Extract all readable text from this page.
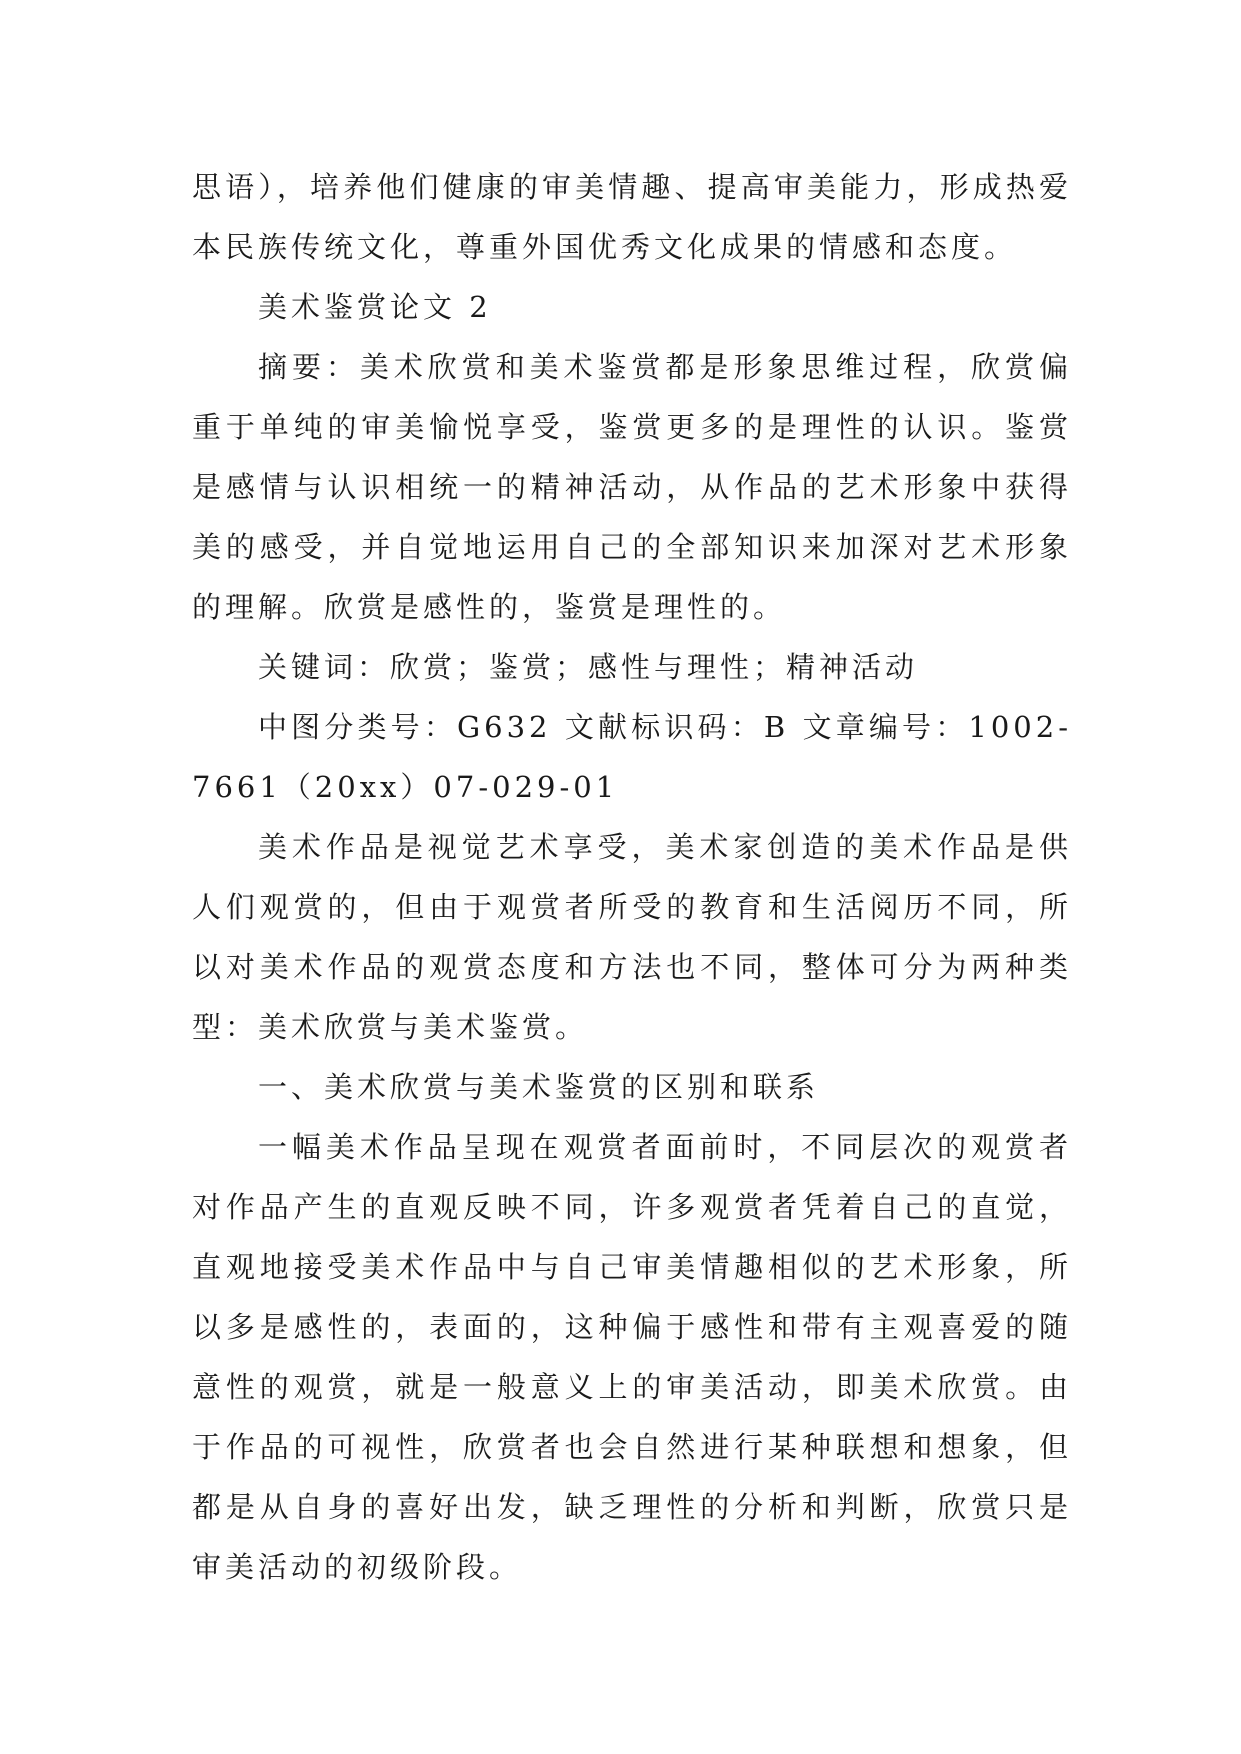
思语），培养他们健康的审美情趣、提高审美能力，形成热爱本民族传统文化，尊重外国优秀文化成果的情感和态度。

美术鉴赏论文 2

摘要：美术欣赏和美术鉴赏都是形象思维过程，欣赏偏重于单纯的审美愉悦享受，鉴赏更多的是理性的认识。鉴赏是感情与认识相统一的精神活动，从作品的艺术形象中获得美的感受，并自觉地运用自己的全部知识来加深对艺术形象的理解。欣赏是感性的，鉴赏是理性的。

关键词：欣赏；鉴赏；感性与理性；精神活动

中图分类号：G632 文献标识码：B 文章编号：1002-7661（20xx）07-029-01

美术作品是视觉艺术享受，美术家创造的美术作品是供人们观赏的，但由于观赏者所受的教育和生活阅历不同，所以对美术作品的观赏态度和方法也不同，整体可分为两种类型：美术欣赏与美术鉴赏。

一、美术欣赏与美术鉴赏的区别和联系

一幅美术作品呈现在观赏者面前时，不同层次的观赏者对作品产生的直观反映不同，许多观赏者凭着自己的直觉，直观地接受美术作品中与自己审美情趣相似的艺术形象，所以多是感性的，表面的，这种偏于感性和带有主观喜爱的随意性的观赏，就是一般意义上的审美活动，即美术欣赏。由于作品的可视性，欣赏者也会自然进行某种联想和想象，但都是从自身的喜好出发，缺乏理性的分析和判断，欣赏只是审美活动的初级阶段。
